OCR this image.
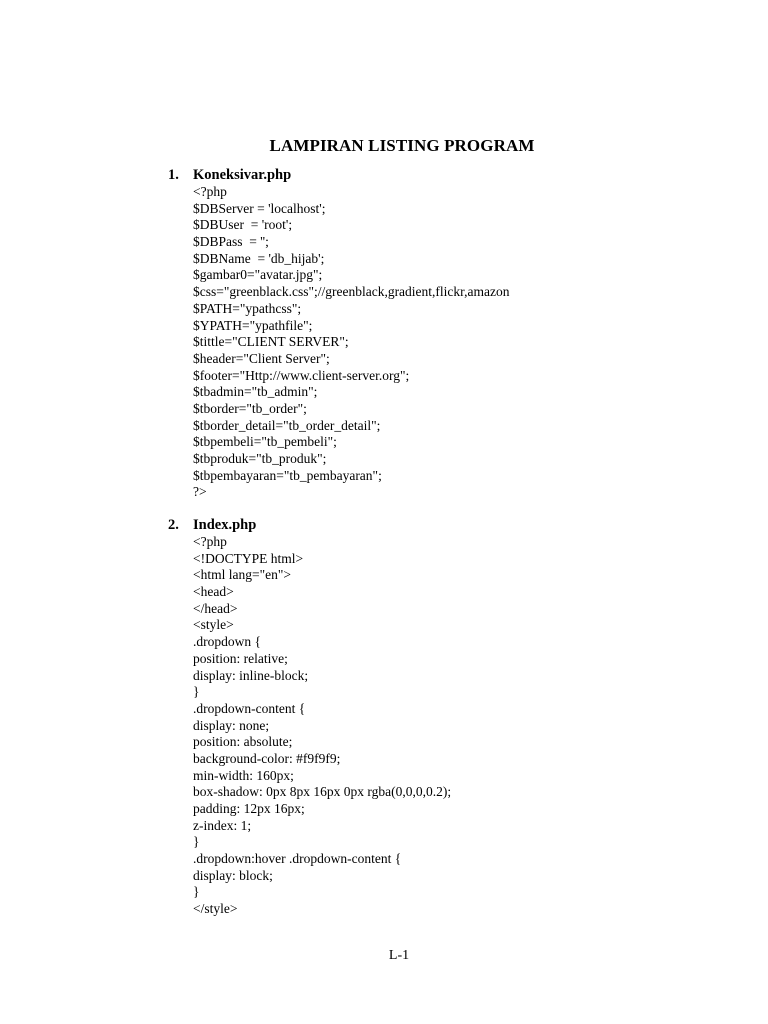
LAMPIRAN LISTING PROGRAM
1. Koneksivar.php
<?php
$DBServer = 'localhost';
$DBUser  = 'root';
$DBPass  = '';
$DBName  = 'db_hijab';
$gambar0="avatar.jpg";
$css="greenblack.css";//greenblack,gradient,flickr,amazon
$PATH="ypathcss";
$YPATH="ypathfile";
$tittle="CLIENT SERVER";
$header="Client Server";
$footer="Http://www.client-server.org";
$tbadmin="tb_admin";
$tborder="tb_order";
$tborder_detail="tb_order_detail";
$tbpembeli="tb_pembeli";
$tbproduk="tb_produk";
$tbpembayaran="tb_pembayaran";
?>
2. Index.php
<?php
<!DOCTYPE html>
<html lang="en">
<head>
</head>
<style>
.dropdown {
position: relative;
display: inline-block;
}
.dropdown-content {
display: none;
position: absolute;
background-color: #f9f9f9;
min-width: 160px;
box-shadow: 0px 8px 16px 0px rgba(0,0,0,0.2);
padding: 12px 16px;
z-index: 1;
}
.dropdown:hover .dropdown-content {
display: block;
}
</style>
L-1
